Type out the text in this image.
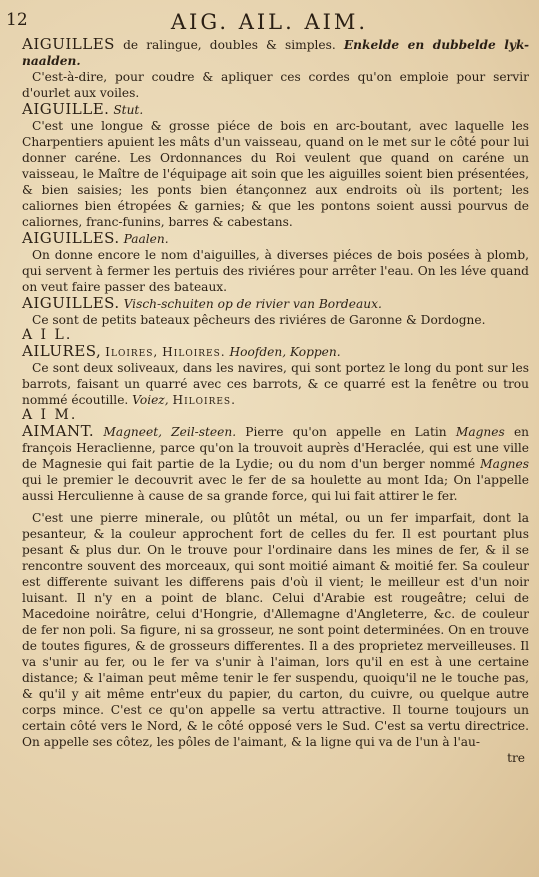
12	AIG. AIL. AIM.

AIGUILLES de ralingue, doubles & simples. Enkelde en dubbelde lyk-naalden.

C'est-à-dire, pour coudre & apliquer ces cordes qu'on emploie pour servir d'ourlet aux voiles.

AIGUILLE. Stut.

C'est une longue & grosse piéce de bois en arc-boutant, avec laquelle les Charpentiers apuient les mâts d'un vaisseau, quand on le met sur le côté pour lui donner caréne. Les Ordonnances du Roi veulent que quand on caréne un vaisseau, le Maître de l'équipage ait soin que les aiguilles soient bien présentées, & bien saisies; les ponts bien étançonnez aux endroits où ils portent; les caliornes bien étropées & garnies; & que les pontons soient aussi pourvus de caliornes, franc-funins, barres & cabestans.

AIGUILLES. Paalen.

On donne encore le nom d'aiguilles, à diverses piéces de bois posées à plomb, qui servent à fermer les pertuis des riviéres pour arrêter l'eau. On les léve quand on veut faire passer des bateaux.

AIGUILLES. Visch-schuiten op de rivier van Bordeaux.

Ce sont de petits bateaux pêcheurs des riviéres de Garonne & Dordogne.

A I L.

AILURES, Iloires, Hiloires. Hoofden, Koppen.

Ce sont deux soliveaux, dans les navires, qui sont portez le long du pont sur les barrots, faisant un quarré avec ces barrots, & ce quarré est la fenêtre ou trou nommé écoutille. Voiez, Hiloires.

A I M.

AIMANT. Magneet, Zeil-steen. Pierre qu'on appelle en Latin Magnes en françois Heraclienne, parce qu'on la trouvoit auprès d'Heraclée, qui est une ville de Magnesie qui fait partie de la Lydie; ou du nom d'un berger nommé Magnes qui le premier le decouvrit avec le fer de sa houlette au mont Ida; On l'appelle aussi Herculienne à cause de sa grande force, qui lui fait attirer le fer.

C'est une pierre minerale, ou plûtôt un métal, ou un fer imparfait, dont la pesanteur, & la couleur approchent fort de celles du fer. Il est pourtant plus pesant & plus dur. On le trouve pour l'ordinaire dans les mines de fer, & il se rencontre souvent des morceaux, qui sont moitié aimant & moitié fer. Sa couleur est differente suivant les differens pais d'où il vient; le meilleur est d'un noir luisant. Il n'y en a point de blanc. Celui d'Arabie est rougeâtre; celui de Macedoine noirâtre, celui d'Hongrie, d'Allemagne d'Angleterre, &c. de couleur de fer non poli. Sa figure, ni sa grosseur, ne sont point determinées. On en trouve de toutes figures, & de grosseurs differentes. Il a des proprietez merveilleuses. Il va s'unir au fer, ou le fer va s'unir à l'aiman, lors qu'il en est à une certaine distance; & l'aiman peut même tenir le fer suspendu, quoiqu'il ne le touche pas, & qu'il y ait même entr'eux du papier, du carton, du cuivre, ou quelque autre corps mince. C'est ce qu'on appelle sa vertu attractive. Il tourne toujours un certain côté vers le Nord, & le côté opposé vers le Sud. C'est sa vertu directrice. On appelle ses côtez, les pôles de l'aimant, & la ligne qui va de l'un à l'au-

tre
